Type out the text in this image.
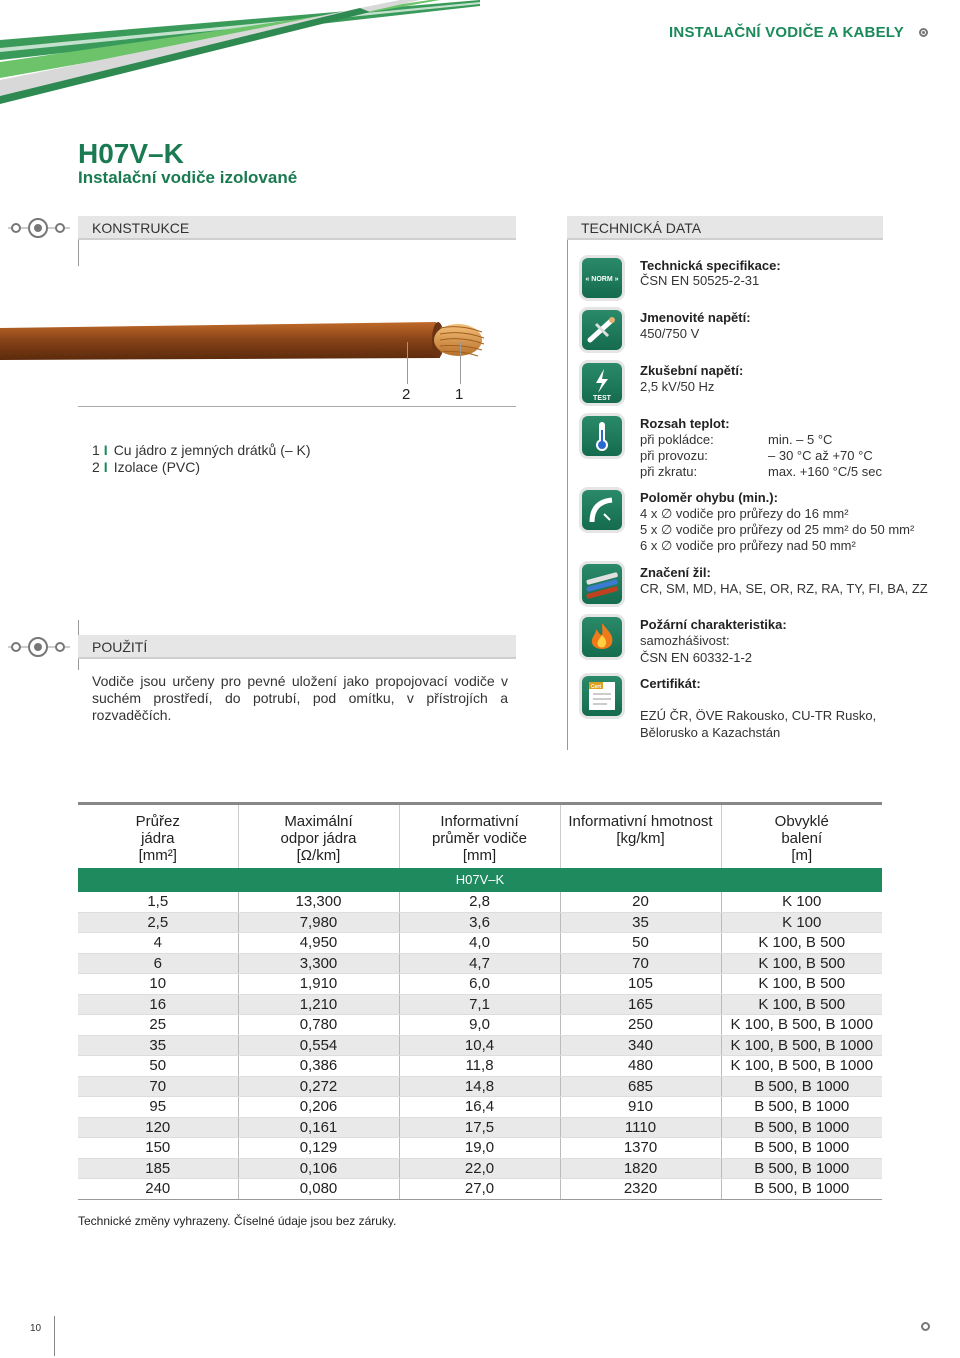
INSTALAČNÍ VODIČE A KABELY
H07V–K
Instalační vodiče izolované
KONSTRUKCE
2	1
1 I Cu jádro z jemných drátků (– K)
2 I Izolace (PVC)
POUŽITÍ
Vodiče jsou určeny pro pevné uložení jako propojovací vodiče v suchém prostředí, do potrubí, pod omítku, v přístrojích a rozvaděčích.
TECHNICKÁ DATA
« NORM »
Technická specifikace:
ČSN EN 50525-2-31
Jmenovité napětí:
450/750 V
TEST
Zkušební napětí:
2,5 kV/50 Hz
Rozsah teplot:
při pokládce:	min. – 5 °C
při provozu:	– 30 °C až +70 °C
při zkratu:	max. +160 °C/5 sec
Poloměr ohybu (min.):
4 x ∅ vodiče pro průřezy do 16 mm²
5 x ∅ vodiče pro průřezy od 25 mm² do 50 mm²
6 x ∅ vodiče pro průřezy nad 50 mm²
Značení žil:
CR, SM, MD, HA, SE, OR, RZ, RA, TY, FI, BA, ZZ
Požární charakteristika:
samozhášivost:
ČSN EN 60332-1-2
Cert	Certifikát:
EZÚ ČR, ÖVE Rakousko, CU-TR Rusko, Bělorusko a Kazachstán
Průřez
jádra
[mm²]	Maximální
odpor jádra
[Ω/km]	Informativní
průměr vodiče
[mm]	Informativní hmotnost
[kg/km]	Obvyklé
balení
[m]
H07V–K				
1,5	13,300	2,8	20	K 100
2,5	7,980	3,6	35	K 100
4	4,950	4,0	50	K 100, B 500
6	3,300	4,7	70	K 100, B 500
10	1,910	6,0	105	K 100, B 500
16	1,210	7,1	165	K 100, B 500
25	0,780	9,0	250	K 100, B 500, B 1000
35	0,554	10,4	340	K 100, B 500, B 1000
50	0,386	11,8	480	K 100, B 500, B 1000
70	0,272	14,8	685	B 500, B 1000
95	0,206	16,4	910	B 500, B 1000
120	0,161	17,5	1110	B 500, B 1000
150	0,129	19,0	1370	B 500, B 1000
185	0,106	22,0	1820	B 500, B 1000
240	0,080	27,0	2320	B 500, B 1000
Technické změny vyhrazeny. Číselné údaje jsou bez záruky.
10
